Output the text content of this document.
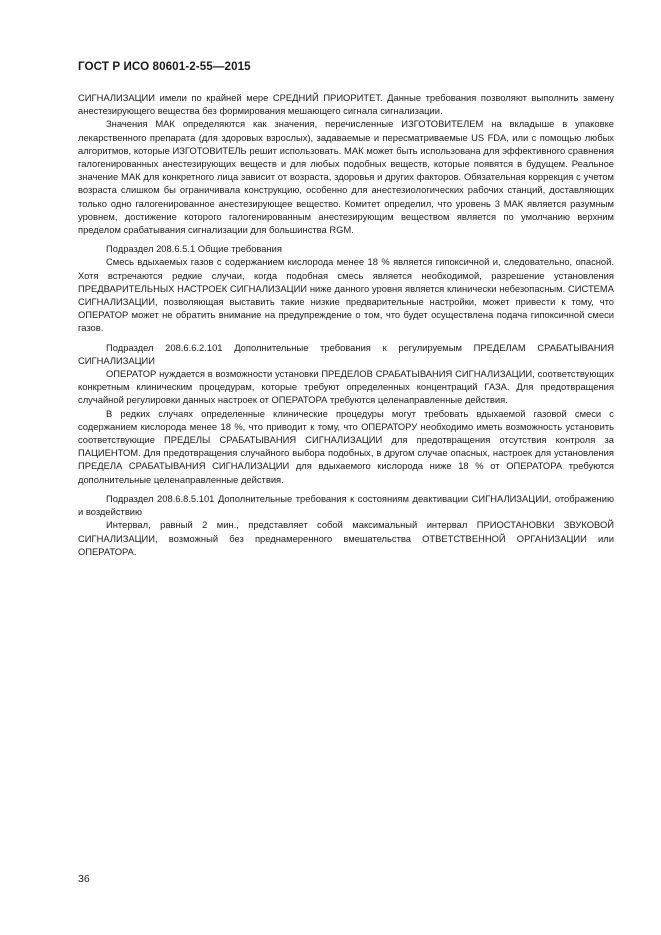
ГОСТ Р ИСО 80601-2-55—2015

СИГНАЛИЗАЦИИ имели по крайней мере СРЕДНИЙ ПРИОРИТЕТ. Данные требования позволяют выполнить замену анестезирующего вещества без формирования мешающего сигнала сигнализации.

Значения МАК определяются как значения, перечисленные ИЗГОТОВИТЕЛЕМ на вкладыше в упаковке лекарственного препарата (для здоровых взрослых), задаваемые и пересматриваемые US FDA, или с помощью любых алгоритмов, которые ИЗГОТОВИТЕЛЬ решит использовать. МАК может быть использована для эффективного сравнения галогенированных анестезирующих веществ и для любых подобных веществ, которые появятся в будущем. Реальное значение МАК для конкретного лица зависит от возраста, здоровья и других факторов. Обязательная коррекция с учетом возраста слишком бы ограничивала конструкцию, особенно для анестезиологических рабочих станций, доставляющих только одно галогенированное анестезирующее вещество. Комитет определил, что уровень 3 МАК является разумным уровнем, достижение которого галогенированным анестезирующим веществом является по умолчанию верхним пределом срабатывания сигнализации для большинства RGM.

Подраздел 208.6.5.1 Общие требования

Смесь вдыхаемых газов с содержанием кислорода менее 18 % является гипоксичной и, следовательно, опасной. Хотя встречаются редкие случаи, когда подобная смесь является необходимой, разрешение установления ПРЕДВАРИТЕЛЬНЫХ НАСТРОЕК СИГНАЛИЗАЦИИ ниже данного уровня является клинически небезопасным. СИСТЕМА СИГНАЛИЗАЦИИ, позволяющая выставить такие низкие предварительные настройки, может привести к тому, что ОПЕРАТОР может не обратить внимание на предупреждение о том, что будет осуществлена подача гипоксичной смеси газов.

Подраздел 208.6.6.2.101 Дополнительные требования к регулируемым ПРЕДЕЛАМ СРАБАТЫВАНИЯ СИГНАЛИЗАЦИИ

ОПЕРАТОР нуждается в возможности установки ПРЕДЕЛОВ СРАБАТЫВАНИЯ СИГНАЛИЗАЦИИ, соответствующих конкретным клиническим процедурам, которые требуют определенных концентраций ГАЗА. Для предотвращения случайной регулировки данных настроек от ОПЕРАТОРА требуются целенаправленные действия.

В редких случаях определенные клинические процедуры могут требовать вдыхаемой газовой смеси с содержанием кислорода менее 18 %, что приводит к тому, что ОПЕРАТОРУ необходимо иметь возможность установить соответствующие ПРЕДЕЛЫ СРАБАТЫВАНИЯ СИГНАЛИЗАЦИИ для предотвращения отсутствия контроля за ПАЦИЕНТОМ. Для предотвращения случайного выбора подобных, в другом случае опасных, настроек для установления ПРЕДЕЛА СРАБАТЫВАНИЯ СИГНАЛИЗАЦИИ для вдыхаемого кислорода ниже 18 % от ОПЕРАТОРА требуются дополнительные целенаправленные действия.

Подраздел 208.6.8.5.101 Дополнительные требования к состояниям деактивации СИГНАЛИЗАЦИИ, отображению и воздействию

Интервал, равный 2 мин., представляет собой максимальный интервал ПРИОСТАНОВКИ ЗВУКОВОЙ СИГНАЛИЗАЦИИ, возможный без преднамеренного вмешательства ОТВЕТСТВЕННОЙ ОРГАНИЗАЦИИ или ОПЕРАТОРА.

36
